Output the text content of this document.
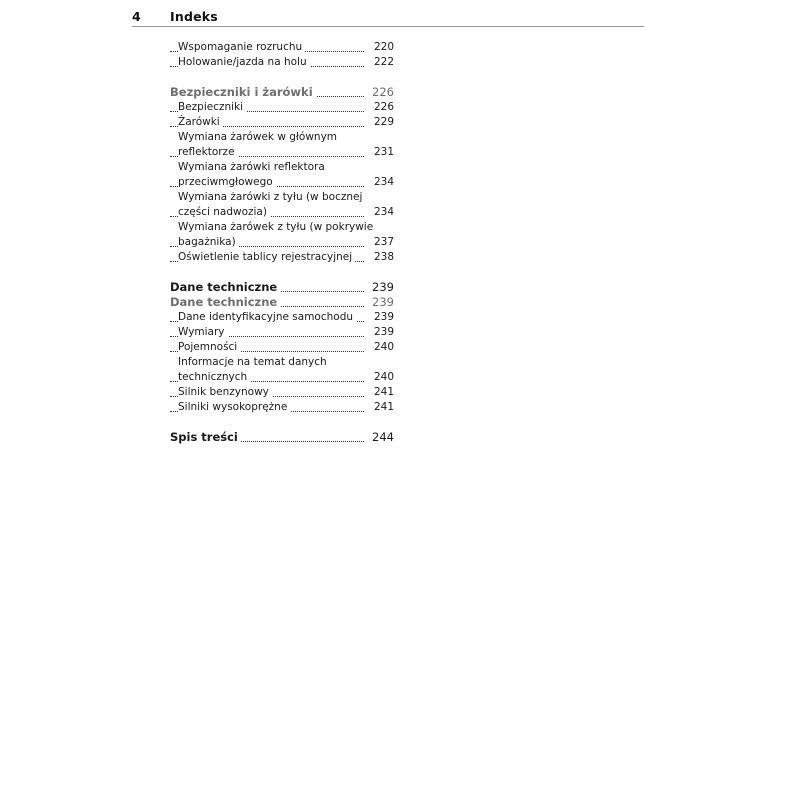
4 Indeks
Wspomaganie rozruchu	220
Holowanie/jazda na holu	222
Bezpieczniki i żarówki	226
Bezpieczniki	226
Żarówki	229
Wymiana żarówek w głównym
reflektorze	231
Wymiana żarówki reflektora
przeciwmgłowego	234
Wymiana żarówki z tyłu (w bocznej
części nadwozia)	234
Wymiana żarówek z tyłu (w pokrywie
bagażnika)	237
Oświetlenie tablicy rejestracyjnej 238
Dane techniczne	239
Dane techniczne	239
Dane identyfikacyjne samochodu 239
Wymiary	239
Pojemności	240
Informacje na temat danych
technicznych	240
Silnik benzynowy	241
Silniki wysokoprężne	241
Spis treści	244
